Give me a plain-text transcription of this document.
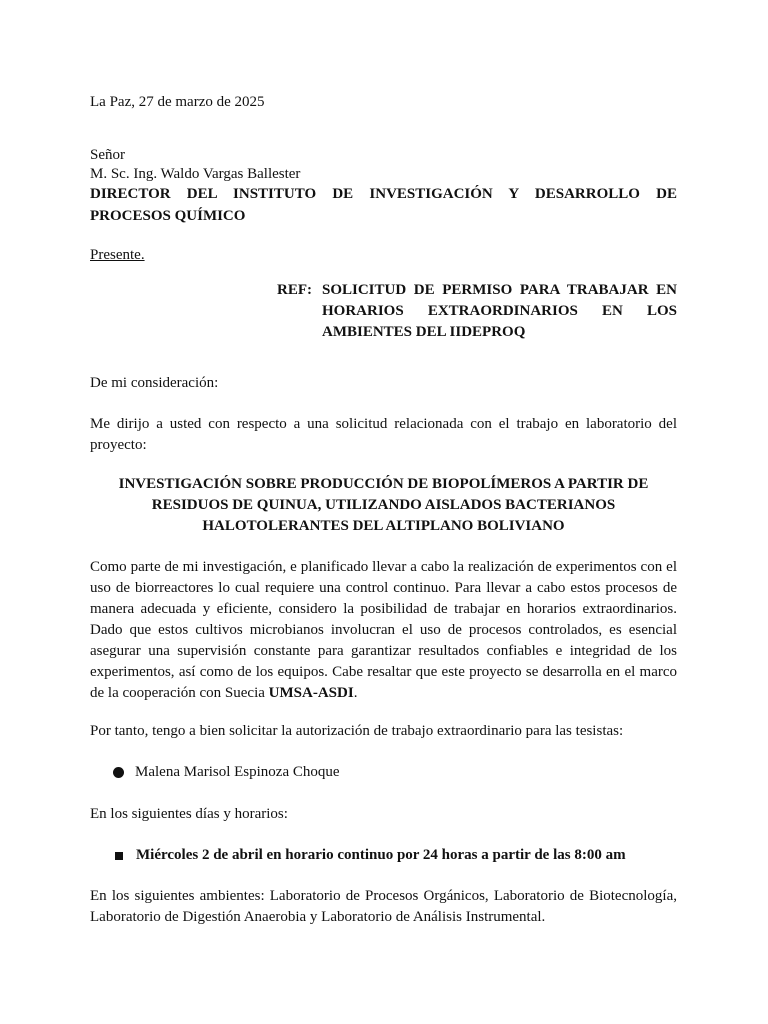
La Paz, 27 de marzo de 2025

Señor

M. Sc. Ing. Waldo Vargas Ballester

DIRECTOR DEL INSTITUTO DE INVESTIGACIÓN Y DESARROLLO DE

PROCESOS QUÍMICO

Presente.

REF: SOLICITUD DE PERMISO PARA TRABAJAR EN
HORARIOS EXTRAORDINARIOS EN LOS
AMBIENTES DEL IIDEPROQ

De mi consideración:

Me dirijo a usted con respecto a una solicitud relacionada con el trabajo en laboratorio del proyecto:

INVESTIGACIÓN SOBRE PRODUCCIÓN DE BIOPOLÍMEROS A PARTIR DE
RESIDUOS DE QUINUA, UTILIZANDO AISLADOS BACTERIANOS
HALOTOLERANTES DEL ALTIPLANO BOLIVIANO

Como parte de mi investigación, e planificado llevar a cabo la realización de experimentos con el uso de biorreactores lo cual requiere una control continuo. Para llevar a cabo estos procesos de manera adecuada y eficiente, considero la posibilidad de trabajar en horarios extraordinarios. Dado que estos cultivos microbianos involucran el uso de procesos controlados, es esencial asegurar una supervisión constante para garantizar resultados confiables e integridad de los experimentos, así como de los equipos. Cabe resaltar que este proyecto se desarrolla en el marco de la cooperación con Suecia UMSA-ASDI.

Por tanto, tengo a bien solicitar la autorización de trabajo extraordinario para las tesistas:

Malena Marisol Espinoza Choque

En los siguientes días y horarios:

Miércoles 2 de abril en horario continuo por 24 horas a partir de las 8:00 am

En los siguientes ambientes: Laboratorio de Procesos Orgánicos, Laboratorio de Biotecnología, Laboratorio de Digestión Anaerobia y Laboratorio de Análisis Instrumental.
